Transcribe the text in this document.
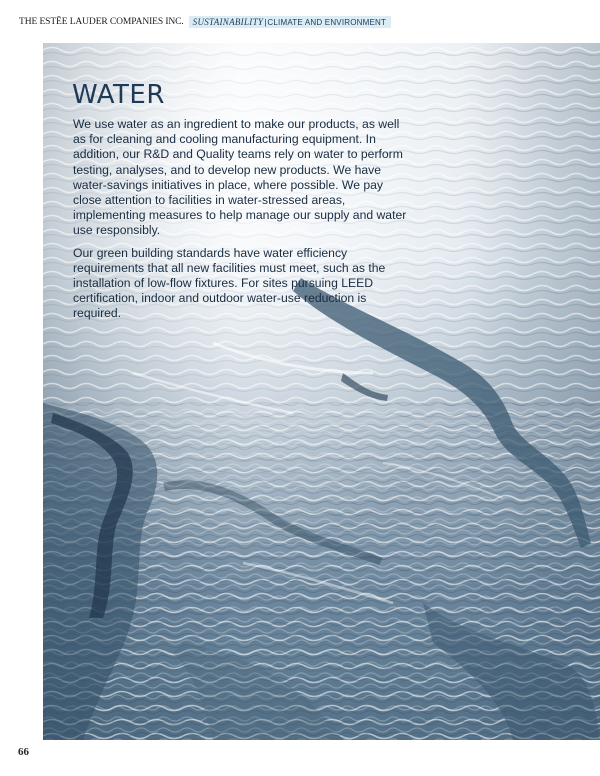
THE ESTĒE LAUDER COMPANIES INC. SUSTAINABILITY | CLIMATE AND ENVIRONMENT
WATER

We use water as an ingredient to make our products, as well as for cleaning and cooling manufacturing equipment. In addition, our R&D and Quality teams rely on water to perform testing, analyses, and to develop new products. We have water-savings initiatives in place, where possible. We pay close attention to facilities in water-stressed areas, implementing measures to help manage our supply and water use responsibly.

Our green building standards have water efficiency requirements that all new facilities must meet, such as the installation of low-flow fixtures. For sites pursuing LEED certification, indoor and outdoor water-use reduction is required.

66
